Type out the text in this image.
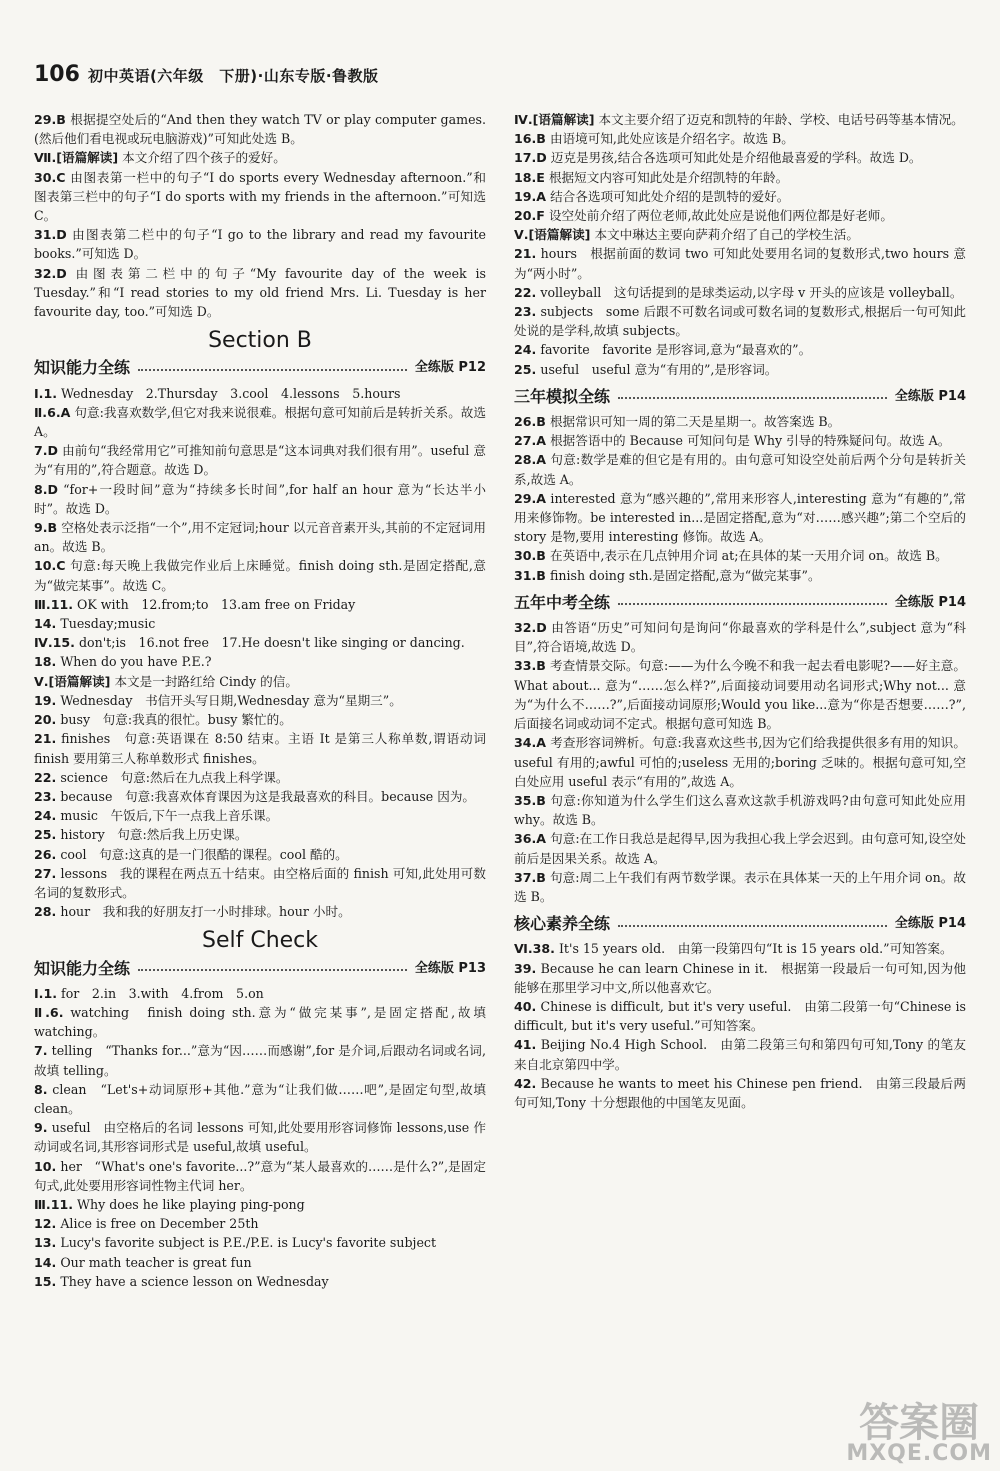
106 初中英语(六年级　下册)·山东专版·鲁教版

29.B 根据提空处后的“And then they watch TV or play computer games.(然后他们看电视或玩电脑游戏)”可知此处选 B。

Ⅶ.[语篇解读] 本文介绍了四个孩子的爱好。

30.C 由图表第一栏中的句子“I do sports every Wednesday afternoon.”和图表第三栏中的句子“I do sports with my friends in the afternoon.”可知选 C。

31.D 由图表第二栏中的句子“I go to the library and read my favourite books.”可知选 D。

32.D 由图表第二栏中的句子“My favourite day of the week is Tuesday.”和“I read stories to my old friend Mrs. Li. Tuesday is her favourite day, too.”可知选 D。

Section B
知识能力全练	全练版 P12

Ⅰ.1. Wednesday　2.Thursday　3.cool　4.lessons　5.hours

Ⅱ.6.A 句意:我喜欢数学,但它对我来说很难。根据句意可知前后是转折关系。故选 A。

7.D 由前句“我经常用它”可推知前句意思是“这本词典对我们很有用”。useful 意为“有用的”,符合题意。故选 D。

8.D “for+一段时间”意为“持续多长时间”,for half an hour 意为“长达半小时”。故选 D。

9.B 空格处表示泛指“一个”,用不定冠词;hour 以元音音素开头,其前的不定冠词用 an。故选 B。

10.C 句意:每天晚上我做完作业后上床睡觉。finish doing sth.是固定搭配,意为“做完某事”。故选 C。

Ⅲ.11. OK with　12.from;to　13.am free on Friday

14. Tuesday;music

Ⅳ.15. don't;is　16.not free　17.He doesn't like singing or dancing.

18. When do you have P.E.?

Ⅴ.[语篇解读] 本文是一封路红给 Cindy 的信。

19. Wednesday　书信开头写日期,Wednesday 意为“星期三”。

20. busy　句意:我真的很忙。busy 繁忙的。

21. finishes　句意:英语课在 8:50 结束。主语 It 是第三人称单数,谓语动词 finish 要用第三人称单数形式 finishes。

22. science　句意:然后在九点我上科学课。

23. because　句意:我喜欢体育课因为这是我最喜欢的科目。because 因为。

24. music　午饭后,下午一点我上音乐课。

25. history　句意:然后我上历史课。

26. cool　句意:这真的是一门很酷的课程。cool 酷的。

27. lessons　我的课程在两点五十结束。由空格后面的 finish 可知,此处用可数名词的复数形式。

28. hour　我和我的好朋友打一小时排球。hour 小时。

Self Check
知识能力全练	全练版 P13

Ⅰ.1. for　2.in　3.with　4.from　5.on

Ⅱ.6. watching　finish doing sth.意为“做完某事”,是固定搭配,故填 watching。

7. telling　“Thanks for...”意为“因……而感谢”,for 是介词,后跟动名词或名词,故填 telling。

8. clean　“Let's+动词原形+其他.”意为“让我们做……吧”,是固定句型,故填 clean。

9. useful　由空格后的名词 lessons 可知,此处要用形容词修饰 lessons,use 作动词或名词,其形容词形式是 useful,故填 useful。

10. her　“What's one's favorite...?”意为“某人最喜欢的……是什么?”,是固定句式,此处要用形容词性物主代词 her。

Ⅲ.11. Why does he like playing ping-pong

12. Alice is free on December 25th

13. Lucy's favorite subject is P.E./P.E. is Lucy's favorite subject

14. Our math teacher is great fun

15. They have a science lesson on Wednesday

Ⅳ.[语篇解读] 本文主要介绍了迈克和凯特的年龄、学校、电话号码等基本情况。

16.B 由语境可知,此处应该是介绍名字。故选 B。

17.D 迈克是男孩,结合各选项可知此处是介绍他最喜爱的学科。故选 D。

18.E 根据短文内容可知此处是介绍凯特的年龄。

19.A 结合各选项可知此处介绍的是凯特的爱好。

20.F 设空处前介绍了两位老师,故此处应是说他们两位都是好老师。

Ⅴ.[语篇解读] 本文中琳达主要向萨莉介绍了自己的学校生活。

21. hours　根据前面的数词 two 可知此处要用名词的复数形式,two hours 意为“两小时”。

22. volleyball　这句话提到的是球类运动,以字母 v 开头的应该是 volleyball。

23. subjects　some 后跟不可数名词或可数名词的复数形式,根据后一句可知此处说的是学科,故填 subjects。

24. favorite　favorite 是形容词,意为“最喜欢的”。

25. useful　useful 意为“有用的”,是形容词。

三年模拟全练	全练版 P14

26.B 根据常识可知一周的第二天是星期一。故答案选 B。

27.A 根据答语中的 Because 可知问句是 Why 引导的特殊疑问句。故选 A。

28.A 句意:数学是难的但它是有用的。由句意可知设空处前后两个分句是转折关系,故选 A。

29.A interested 意为“感兴趣的”,常用来形容人,interesting 意为“有趣的”,常用来修饰物。be interested in...是固定搭配,意为“对……感兴趣”;第二个空后的 story 是物,要用 interesting 修饰。故选 A。

30.B 在英语中,表示在几点钟用介词 at;在具体的某一天用介词 on。故选 B。

31.B finish doing sth.是固定搭配,意为“做完某事”。

五年中考全练	全练版 P14

32.D 由答语“历史”可知问句是询问“你最喜欢的学科是什么”,subject 意为“科目”,符合语境,故选 D。

33.B 考查情景交际。句意:——为什么今晚不和我一起去看电影呢?——好主意。What about... 意为“……怎么样?”,后面接动词要用动名词形式;Why not... 意为“为什么不……?”,后面接动词原形;Would you like...意为“你是否想要……?”,后面接名词或动词不定式。根据句意可知选 B。

34.A 考查形容词辨析。句意:我喜欢这些书,因为它们给我提供很多有用的知识。useful 有用的;awful 可怕的;useless 无用的;boring 乏味的。根据句意可知,空白处应用 useful 表示“有用的”,故选 A。

35.B 句意:你知道为什么学生们这么喜欢这款手机游戏吗?由句意可知此处应用 why。故选 B。

36.A 句意:在工作日我总是起得早,因为我担心我上学会迟到。由句意可知,设空处前后是因果关系。故选 A。

37.B 句意:周二上午我们有两节数学课。表示在具体某一天的上午用介词 on。故选 B。

核心素养全练	全练版 P14

Ⅵ.38. It's 15 years old.　由第一段第四句“It is 15 years old.”可知答案。

39. Because he can learn Chinese in it.　根据第一段最后一句可知,因为他能够在那里学习中文,所以他喜欢它。

40. Chinese is difficult, but it's very useful.　由第二段第一句“Chinese is difficult, but it's very useful.”可知答案。

41. Beijing No.4 High School.　由第二段第三句和第四句可知,Tony 的笔友来自北京第四中学。

42. Because he wants to meet his Chinese pen friend.　由第三段最后两句可知,Tony 十分想跟他的中国笔友见面。

答案圈
MXQE.COM
